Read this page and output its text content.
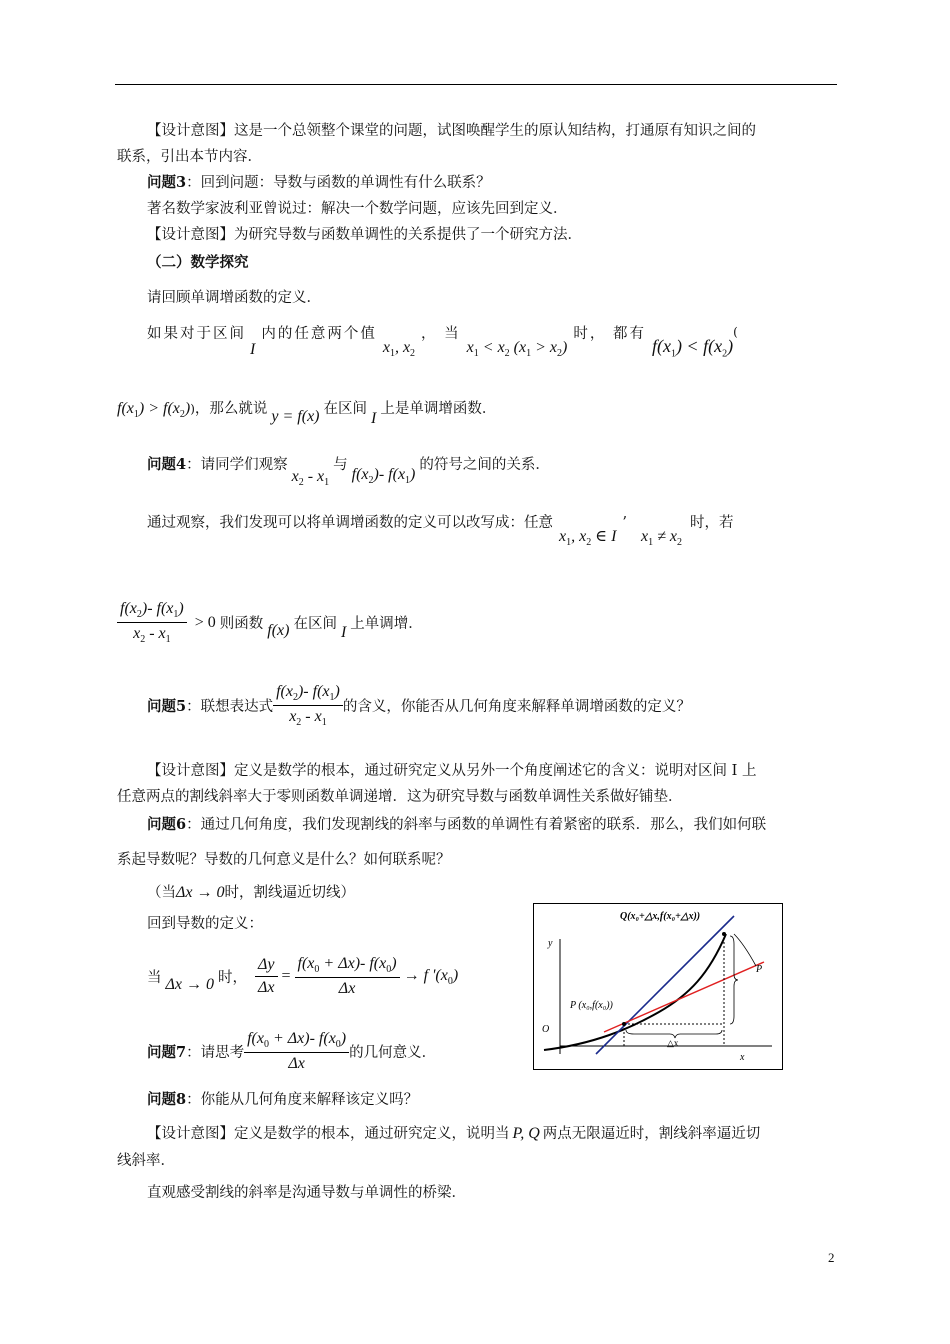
【设计意图】这是一个总领整个课堂的问题，试图唤醒学生的原认知结构，打通原有知识之间的
联系，引出本节内容．
问题3：回到问题：导数与函数的单调性有什么联系？
著名数学家波利亚曾说过：解决一个数学问题，应该先回到定义．
【设计意图】为研究导数与函数单调性的关系提供了一个研究方法．
（二）数学探究
请回顾单调增函数的定义．
如果对于区间I内的任意两个值$x_1$, $x_2$， 当$x_1 < x_2$ $(x_1 > x_2)$时， 都有$f(x_1) < f(x_2)^($
$f(x_1) > f(x_2)^)$，那么就说 y = f(x) 在区间I上是单调增函数．
问题4：请同学们观察$x_2 - x_1$与$f(x_2)-$ $f(x_1)$的符号之间的关系．
通过观察，我们发现可以将单调增函数的定义可以改写成：任意$x_1$, $x_2$ ∈ $I’x_1 \ne x_2$时，若
$\frac{f(x_2)- f(x_1)}{x_2 - x_1} > 0$ 则函数 f(x) 在区间 I 上单调增．
问题5：联想表达式 $\frac{f(x_2)- f(x_1)}{x_2 - x_1}$ 的含义，你能否从几何角度来解释单调增函数的定义？
【设计意图】定义是数学的根本，通过研究定义从另外一个角度阐述它的含义：说明对区间 I 上
任意两点的割线斜率大于零则函数单调递增．这为研究导数与函数单调性关系做好铺垫．
问题6：通过几何角度，我们发现割线的斜率与函数的单调性有着紧密的联系．那么，我们如何联
系起导数呢？导数的几何意义是什么？如何联系呢？
（当Δx → 0时，割线逼近切线）
回到导数的定义：
当 Δx → 0 时， $\frac{\Delta y}{\Delta x} = \frac{f(x_0 + \Delta x)- f(x_0)}{\Delta x} \to f$ '$(x_0)$
问题7：请思考 $\frac{f(x_0 + \Delta x)- f(x_0)}{\Delta x}$ 的几何意义．
问题8：你能从几何角度来解释该定义吗？
【设计意图】定义是数学的根本，通过研究定义，说明当 P, Q 两点无限逼近时，割线斜率逼近切
线斜率．
直观感受割线的斜率是沟通导数与单调性的桥梁．
Q(x₀+△x,f(x₀+△x))
P (x₀,f(x₀))
P
y
x
O
△x
2
